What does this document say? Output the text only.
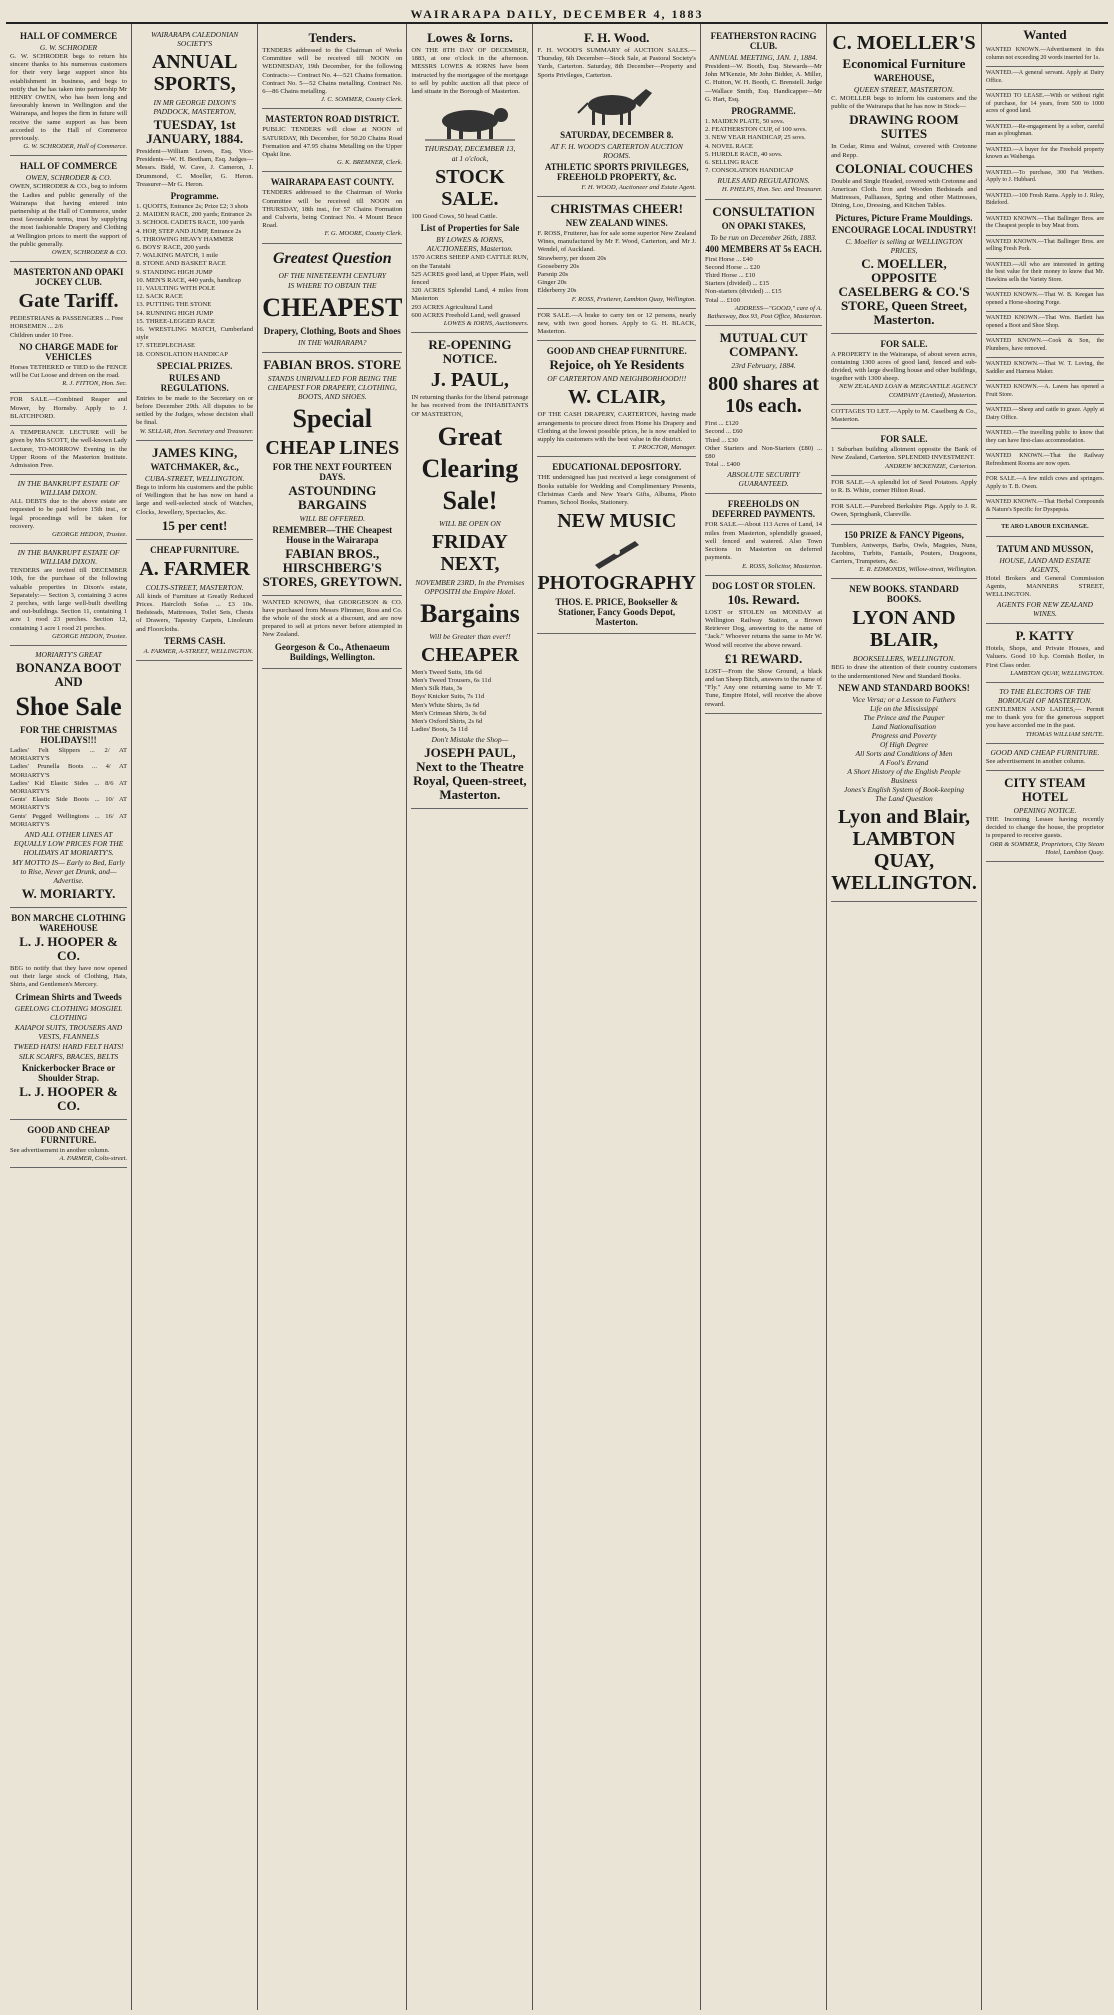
WAIRARAPA DAILY, DECEMBER 4, 1883

HALL OF COMMERCE
G. W. SCHRODER
G. W. SCHRODER begs to return his sincere thanks to his numerous customers for their very large support since his establishment in business, and begs to notify that he has taken into partnership Mr HENRY OWEN, who has been long and favourably known in Wellington and the Wairarapa, and hopes the firm in future will receive the same support as has been accorded to the Hall of Commerce previously.
G. W. SCHRODER, Hall of Commerce.
HALL OF COMMERCE
OWEN, SCHRODER & CO.
OWEN, SCHRODER & CO., beg to inform the Ladies and public generally of the Wairarapa that having entered into partnership at the Hall of Commerce, under most favourable terms, trust by supplying the most fashionable Drapery and Clothing at Wellington prices to merit the support of the public generally.
OWEN, SCHRODER & CO.
MASTERTON AND OPAKI JOCKEY CLUB.
Gate Tariff.
PEDESTRIANS & PASSENGERS ... Free
HORSEMEN ... 2/6
Children under 10 Free.
NO CHARGE MADE for VEHICLES
Horses TETHERED or TIED to the FENCE will be Cut Loose and driven on the road.
R. J. FITTON, Hon. Sec.
FOR SALE.—Combined Reaper and Mower, by Hornsby. Apply to J. BLATCHFORD.
A TEMPERANCE LECTURE will be given by Mrs SCOTT, the well-known Lady Lecturer, TO-MORROW Evening in the Upper Room of the Masterton Institute. Admission Free.
IN THE BANKRUPT ESTATE OF WILLIAM DIXON.
ALL DEBTS due to the above estate are requested to be paid before 15th inst., or legal proceedings will be taken for recovery.
GEORGE HEDON, Trustee.
IN THE BANKRUPT ESTATE OF WILLIAM DIXON.
TENDERS are invited till DECEMBER 10th, for the purchase of the following valuable properties in Dixon's estate, Separately:— Section 3, containing 3 acres 2 perches, with large well-built dwelling and out-buildings. Section 11, containing 1 acre 1 rood 23 perches. Section 12, containing 1 acre 1 rood 21 perches.
GEORGE HEDON, Trustee.
MORIARTY'S GREAT
BONANZA BOOT AND
Shoe Sale
FOR THE CHRISTMAS HOLIDAYS!!!
Ladies' Felt Slippers ... 2/ AT MORIARTY'S
Ladies' Prunella Boots ... 4/ AT MORIARTY'S
Ladies' Kid Elastic Sides ... 8/6 AT MORIARTY'S
Gents' Elastic Side Boots ... 10/ AT MORIARTY'S
Gents' Pegged Wellingtons ... 16/ AT MORIARTY'S
AND ALL OTHER LINES AT EQUALLY LOW PRICES FOR THE HOLIDAYS AT MORIARTY'S.
MY MOTTO IS— Early to Bed, Early to Rise, Never get Drunk, and—Advertise.
W. MORIARTY.
BON MARCHE CLOTHING WAREHOUSE
L. J. HOOPER & CO.
BEG to notify that they have now opened out their large stock of Clothing, Hats, Shirts, and Gentlemen's Mercery.
Crimean Shirts and Tweeds
GEELONG CLOTHING MOSGIEL CLOTHING
KAIAPOI SUITS, TROUSERS AND VESTS, FLANNELS
TWEED HATS! HARD FELT HATS!
SILK SCARFS, BRACES, BELTS
Knickerbocker Brace or Shoulder Strap.
L. J. HOOPER & CO.
GOOD AND CHEAP FURNITURE.
See advertisement in another column.
A. FARMER, Colts-street.
WAIRARAPA CALEDONIAN SOCIETY'S
ANNUAL SPORTS,
IN MR GEORGE DIXON'S PADDOCK, MASTERTON,
TUESDAY, 1st JANUARY, 1884.
President—William Lowes, Esq. Vice-Presidents—W. H. Beetham, Esq. Judges—Messrs. Bidd, W. Cave, J. Cameron, J. Drummond, C. Moeller, G. Heron. Treasurer—Mr G. Heron.
Programme.
1. QUOITS, Entrance 2s; Prize £2; 3 shots
2. MAIDEN RACE, 200 yards; Entrance 2s
3. SCHOOL CADETS RACE, 100 yards
4. HOP, STEP AND JUMP, Entrance 2s
5. THROWING HEAVY HAMMER
6. BOYS' RACE, 200 yards
7. WALKING MATCH, 1 mile
8. STONE AND BASKET RACE
9. STANDING HIGH JUMP
10. MEN'S RACE, 440 yards, handicap
11. VAULTING WITH POLE
12. SACK RACE
13. PUTTING THE STONE
14. RUNNING HIGH JUMP
15. THREE-LEGGED RACE
16. WRESTLING MATCH, Cumberland style
17. STEEPLECHASE
18. CONSOLATION HANDICAP
SPECIAL PRIZES.
RULES AND REGULATIONS.
Entries to be made to the Secretary on or before December 29th. All disputes to be settled by the Judges, whose decision shall be final.
W. SELLAR, Hon. Secretary and Treasurer.
JAMES KING,
WATCHMAKER, &c.,
CUBA-STREET, WELLINGTON.
Begs to inform his customers and the public of Wellington that he has now on hand a large and well-selected stock of Watches, Clocks, Jewellery, Spectacles, &c.
15 per cent!
CHEAP FURNITURE.
A. FARMER
COLTS-STREET, MASTERTON.
All kinds of Furniture at Greatly Reduced Prices. Haircloth Sofas ... £3 10s. Bedsteads, Mattresses, Toilet Sets, Chests of Drawers, Tapestry Carpets, Linoleum and Floorcloths.
TERMS CASH.
A. FARMER, A-STREET, WELLINGTON.
Tenders.
TENDERS addressed to the Chairman of Works Committee will be received till NOON on WEDNESDAY, 19th December, for the following Contracts:— Contract No. 4—521 Chains formation. Contract No. 5—52 Chains metalling. Contract No. 6—86 Chains metalling.
J. C. SOMMER, County Clerk.
MASTERTON ROAD DISTRICT.
PUBLIC TENDERS will close at NOON of SATURDAY, 8th December, for 50.20 Chains Road Formation and 47.95 chains Metalling on the Upper Opaki line.
G. K. BREMNER, Clerk.
WAIRARAPA EAST COUNTY.
TENDERS addressed to the Chairman of Works Committee will be received till NOON on THURSDAY, 18th inst., for 57 Chains Formation and Culverts, being Contract No. 4 Mount Bruce Road.
F. G. MOORE, County Clerk.
Greatest Question
OF THE NINETEENTH CENTURY
IS WHERE TO OBTAIN THE
CHEAPEST
Drapery, Clothing, Boots and Shoes
IN THE WAIRARAPA?
FABIAN BROS. STORE
STANDS UNRIVALLED FOR BEING THE CHEAPEST FOR DRAPERY, CLOTHING, BOOTS, AND SHOES.
Special
CHEAP LINES
FOR THE NEXT FOURTEEN DAYS.
ASTOUNDING BARGAINS
WILL BE OFFERED.
REMEMBER—THE Cheapest House in the Wairarapa
FABIAN BROS., HIRSCHBERG'S STORES, GREYTOWN.
WANTED KNOWN, that GEORGESON & CO. have purchased from Messrs Plimmer, Ross and Co. the whole of the stock at a discount, and are now prepared to sell at prices never before attempted in New Zealand.
Georgeson & Co., Athenaeum Buildings, Wellington.
Lowes & Iorns.
ON THE 8TH DAY OF DECEMBER, 1883, at one o'clock in the afternoon. MESSRS LOWES & IORNS have been instructed by the mortgagee of the mortgage to sell by public auction all that piece of land situate in the Borough of Masterton.
THURSDAY, DECEMBER 13,
at 1 o'clock,
STOCK SALE.
100 Good Cows, 50 head Cattle.
List of Properties for Sale
BY LOWES & IORNS, AUCTIONEERS, Masterton.
1570 ACRES SHEEP AND CATTLE RUN, on the Taratahi
525 ACRES good land, at Upper Plain, well fenced
320 ACRES Splendid Land, 4 miles from Masterton
293 ACRES Agricultural Land
600 ACRES Freehold Land, well grassed
LOWES & IORNS, Auctioneers.
RE-OPENING NOTICE.
J. PAUL,
IN returning thanks for the liberal patronage he has received from the INHABITANTS OF MASTERTON,
Great
Clearing
Sale!
WILL BE OPEN ON
FRIDAY NEXT,
NOVEMBER 23RD, In the Premises OPPOSITH the Empire Hotel.
Bargains
Will be Greater than ever!!
CHEAPER
Men's Tweed Suits, 18s 6d
Men's Tweed Trousers, 6s 11d
Men's Silk Hats, 3s
Boys' Knicker Suits, 7s 11d
Men's White Shirts, 3s 6d
Men's Crimean Shirts, 3s 6d
Men's Oxford Shirts, 2s 6d
Ladies' Boots, 5s 11d
Don't Mistake the Shop—
JOSEPH PAUL, Next to the Theatre Royal, Queen-street, Masterton.
F. H. Wood.
F. H. WOOD'S SUMMARY of AUCTION SALES.— Thursday, 6th December—Stock Sale, at Pastoral Society's Yards, Carterton. Saturday, 8th December—Property and Sports Privileges, Carterton.
SATURDAY, DECEMBER 8.
AT F. H. WOOD'S CARTERTON AUCTION ROOMS.
ATHLETIC SPORTS PRIVILEGES, FREEHOLD PROPERTY, &c.
F. H. WOOD, Auctioneer and Estate Agent.
CHRISTMAS CHEER!
NEW ZEALAND WINES.
F. ROSS, Fruiterer, has for sale some superior New Zealand Wines, manufactured by Mr F. Wood, Carterton, and Mr J. Wendel, of Auckland.
Strawberry, per dozen 20s
Gooseberry 20s
Parsnip 20s
Ginger 20s
Elderberry 20s
F. ROSS, Fruiterer, Lambton Quay, Wellington.
FOR SALE.—A brake to carry ten or 12 persons, nearly new, with two good horses. Apply to G. H. BLACK, Masterton.
GOOD AND CHEAP FURNITURE.
Rejoice, oh Ye Residents
OF CARTERTON AND NEIGHBORHOOD!!!
W. CLAIR,
OF THE CASH DRAPERY, CARTERTON, having made arrangements to procure direct from Home his Drapery and Clothing at the lowest possible prices, he is now enabled to supply his customers with the best value in the district.
T. PROCTOR, Manager.
EDUCATIONAL DEPOSITORY.
THE undersigned has just received a large consignment of Books suitable for Wedding and Complimentary Presents, Christmas Cards and New Year's Gifts, Albums, Photo Frames, School Books, Stationery.
NEW MUSIC
PHOTOGRAPHY
THOS. E. PRICE, Bookseller & Stationer, Fancy Goods Depot, Masterton.
FEATHERSTON RACING CLUB.
ANNUAL MEETING, JAN. 1, 1884.
President—W. Booth, Esq. Stewards—Mr John M'Kenzie, Mr John Bidder, A. Miller, C. Hutton, W. H. Booth, C. Brenstell. Judge—Wallace Smith, Esq. Handicapper—Mr G. Hart, Esq.
PROGRAMME.
1. MAIDEN PLATE, 50 sovs.
2. FEATHERSTON CUP, of 100 sovs.
3. NEW YEAR HANDICAP, 25 sovs.
4. NOVEL RACE
5. HURDLE RACE, 40 sovs.
6. SELLING RACE
7. CONSOLATION HANDICAP
RULES AND REGULATIONS.
H. PHELPS, Hon. Sec. and Treasurer.
CONSULTATION
ON OPAKI STAKES,
To be run on December 26th, 1883.
400 MEMBERS AT 5s EACH.
First Horse ... £40
Second Horse ... £20
Third Horse ... £10
Starters (divided) ... £15
Non-starters (divided) ... £15
Total ... £100
ADDRESS—"GOOD," care of A. Bathesway, Box 93, Post Office, Masterton.
MUTUAL CUT COMPANY.
23rd February, 1884.
800 shares at 10s each.
First ... £120
Second ... £60
Third ... £30
Other Starters and Non-Starters (£80) ... £80
Total ... £400
ABSOLUTE SECURITY GUARANTEED.
FREEHOLDS ON DEFERRED PAYMENTS.
FOR SALE.—About 113 Acres of Land, 14 miles from Masterton, splendidly grassed, well fenced and watered. Also Town Sections in Masterton on deferred payments.
E. ROSS, Solicitor, Masterton.
DOG LOST OR STOLEN.
10s. Reward.
LOST or STOLEN on MONDAY at Wellington Railway Station, a Brown Retriever Dog, answering to the name of "Jack." Whoever returns the same to Mr W. Wood will receive the above reward.
£1 REWARD.
LOST—From the Show Ground, a black and tan Sheep Bitch, answers to the name of "Fly." Any one returning same to Mr T. Tune, Empire Hotel, will receive the above reward.
C. MOELLER'S
Economical Furniture
WAREHOUSE,
QUEEN STREET, MASTERTON.
C. MOELLER begs to inform his customers and the public of the Wairarapa that he has now in Stock—
DRAWING ROOM SUITES
In Cedar, Rimu and Walnut, covered with Cretonne and Repp.
COLONIAL COUCHES
Double and Single Headed, covered with Cretonne and American Cloth. Iron and Wooden Bedsteads and Mattresses, Palliasses, Spring and other Mattresses, Dining, Loo, Dressing, and Kitchen Tables.
Pictures, Picture Frame Mouldings.
ENCOURAGE LOCAL INDUSTRY!
C. Moeller is selling at WELLINGTON PRICES,
C. MOELLER, OPPOSITE CASELBERG & CO.'S STORE, Queen Street, Masterton.
FOR SALE.
A PROPERTY in the Wairarapa, of about seven acres, containing 1300 acres of good land, fenced and sub-divided, with large dwelling house and other buildings, together with 1300 sheep.
NEW ZEALAND LOAN & MERCANTILE AGENCY COMPANY (Limited), Masterton.
COTTAGES TO LET.—Apply to M. Caselberg & Co., Masterton.
FOR SALE.
1 Suburban building allotment opposite the Bank of New Zealand, Carterton. SPLENDID INVESTMENT.
ANDREW MCKENZIE, Carterton.
FOR SALE.—A splendid lot of Seed Potatoes. Apply to R. B. White, corner Hilton Road.
FOR SALE.—Purebred Berkshire Pigs. Apply to J. R. Owen, Springbank, Clareville.
150 PRIZE & FANCY Pigeons,
Tumblers, Antwerps, Barbs, Owls, Magpies, Nuns, Jacobins, Turbits, Fantails, Pouters, Dragoons, Carriers, Trumpeters, &c.
E. R. EDMONDS, Willow-street, Wellington.
NEW BOOKS. STANDARD BOOKS.
LYON AND BLAIR,
BOOKSELLERS, WELLINGTON.
BEG to draw the attention of their country customers to the undermentioned New and Standard Books.
NEW AND STANDARD BOOKS!
Vice Versa; or a Lesson to Fathers
Life on the Mississippi
The Prince and the Pauper
Land Nationalisation
Progress and Poverty
Of High Degree
All Sorts and Conditions of Men
A Fool's Errand
A Short History of the English People
Business
Jones's English System of Book-keeping
The Land Question
Lyon and Blair, LAMBTON QUAY, WELLINGTON.
Wanted
WANTED KNOWN.—Advertisement in this column not exceeding 20 words inserted for 1s.
WANTED.—A general servant. Apply at Dairy Office.
WANTED TO LEASE.—With or without right of purchase, for 14 years, from 500 to 1000 acres of good land.
WANTED.—Re-engagement by a sober, careful man as ploughman.
WANTED.—A buyer for the Freehold property known as Waihenga.
WANTED.—To purchase, 300 Fat Wethers. Apply to J. Hubbard.
WANTED.—100 Fresh Rams. Apply to J. Riley, Bideford.
WANTED KNOWN.—That Ballinger Bros. are the Cheapest people to buy Meat from.
WANTED KNOWN.—That Ballinger Bros. are selling Fresh Pork.
WANTED.—All who are interested in getting the best value for their money to know that Mr. Hawkins sells the Variety Store.
WANTED KNOWN.—That W. B. Keegan has opened a Horse-shoeing Forge.
WANTED KNOWN.—That Wm. Bartlett has opened a Boot and Shoe Shop.
WANTED KNOWN.—Cook & Son, the Plumbers, have removed.
WANTED KNOWN.—That W. T. Loving, the Saddler and Harness Maker.
WANTED KNOWN.—A. Lawes has opened a Fruit Store.
WANTED.—Sheep and cattle to graze. Apply at Dairy Office.
WANTED.—The travelling public to know that they can have first-class accommodation.
WANTED KNOWN.—That the Railway Refreshment Rooms are now open.
FOR SALE.—A few milch cows and springers. Apply to T. B. Owen.
WANTED KNOWN.—That Herbal Compounds & Nature's Specific for Dyspepsia.
TE ARO LABOUR EXCHANGE.
TATUM AND MUSSON,
HOUSE, LAND AND ESTATE AGENTS,
Hotel Brokers and General Commission Agents, MANNERS STREET, WELLINGTON.
AGENTS FOR NEW ZEALAND WINES.
P. KATTY
Hotels, Shops, and Private Houses, and Valuers. Good 10 h.p. Cornish Boiler, in First Class order.
LAMBTON QUAY, WELLINGTON.
TO THE ELECTORS OF THE BOROUGH OF MASTERTON.
GENTLEMEN AND LADIES,— Permit me to thank you for the generous support you have accorded me in the past.
THOMAS WILLIAM SHUTE.
GOOD AND CHEAP FURNITURE.
See advertisement in another column.
CITY STEAM HOTEL
OPENING NOTICE.
THE Incoming Lessee having recently decided to change the house, the proprietor is prepared to receive guests.
ORR & SOMMER, Proprietors, City Steam Hotel, Lambton Quay.
